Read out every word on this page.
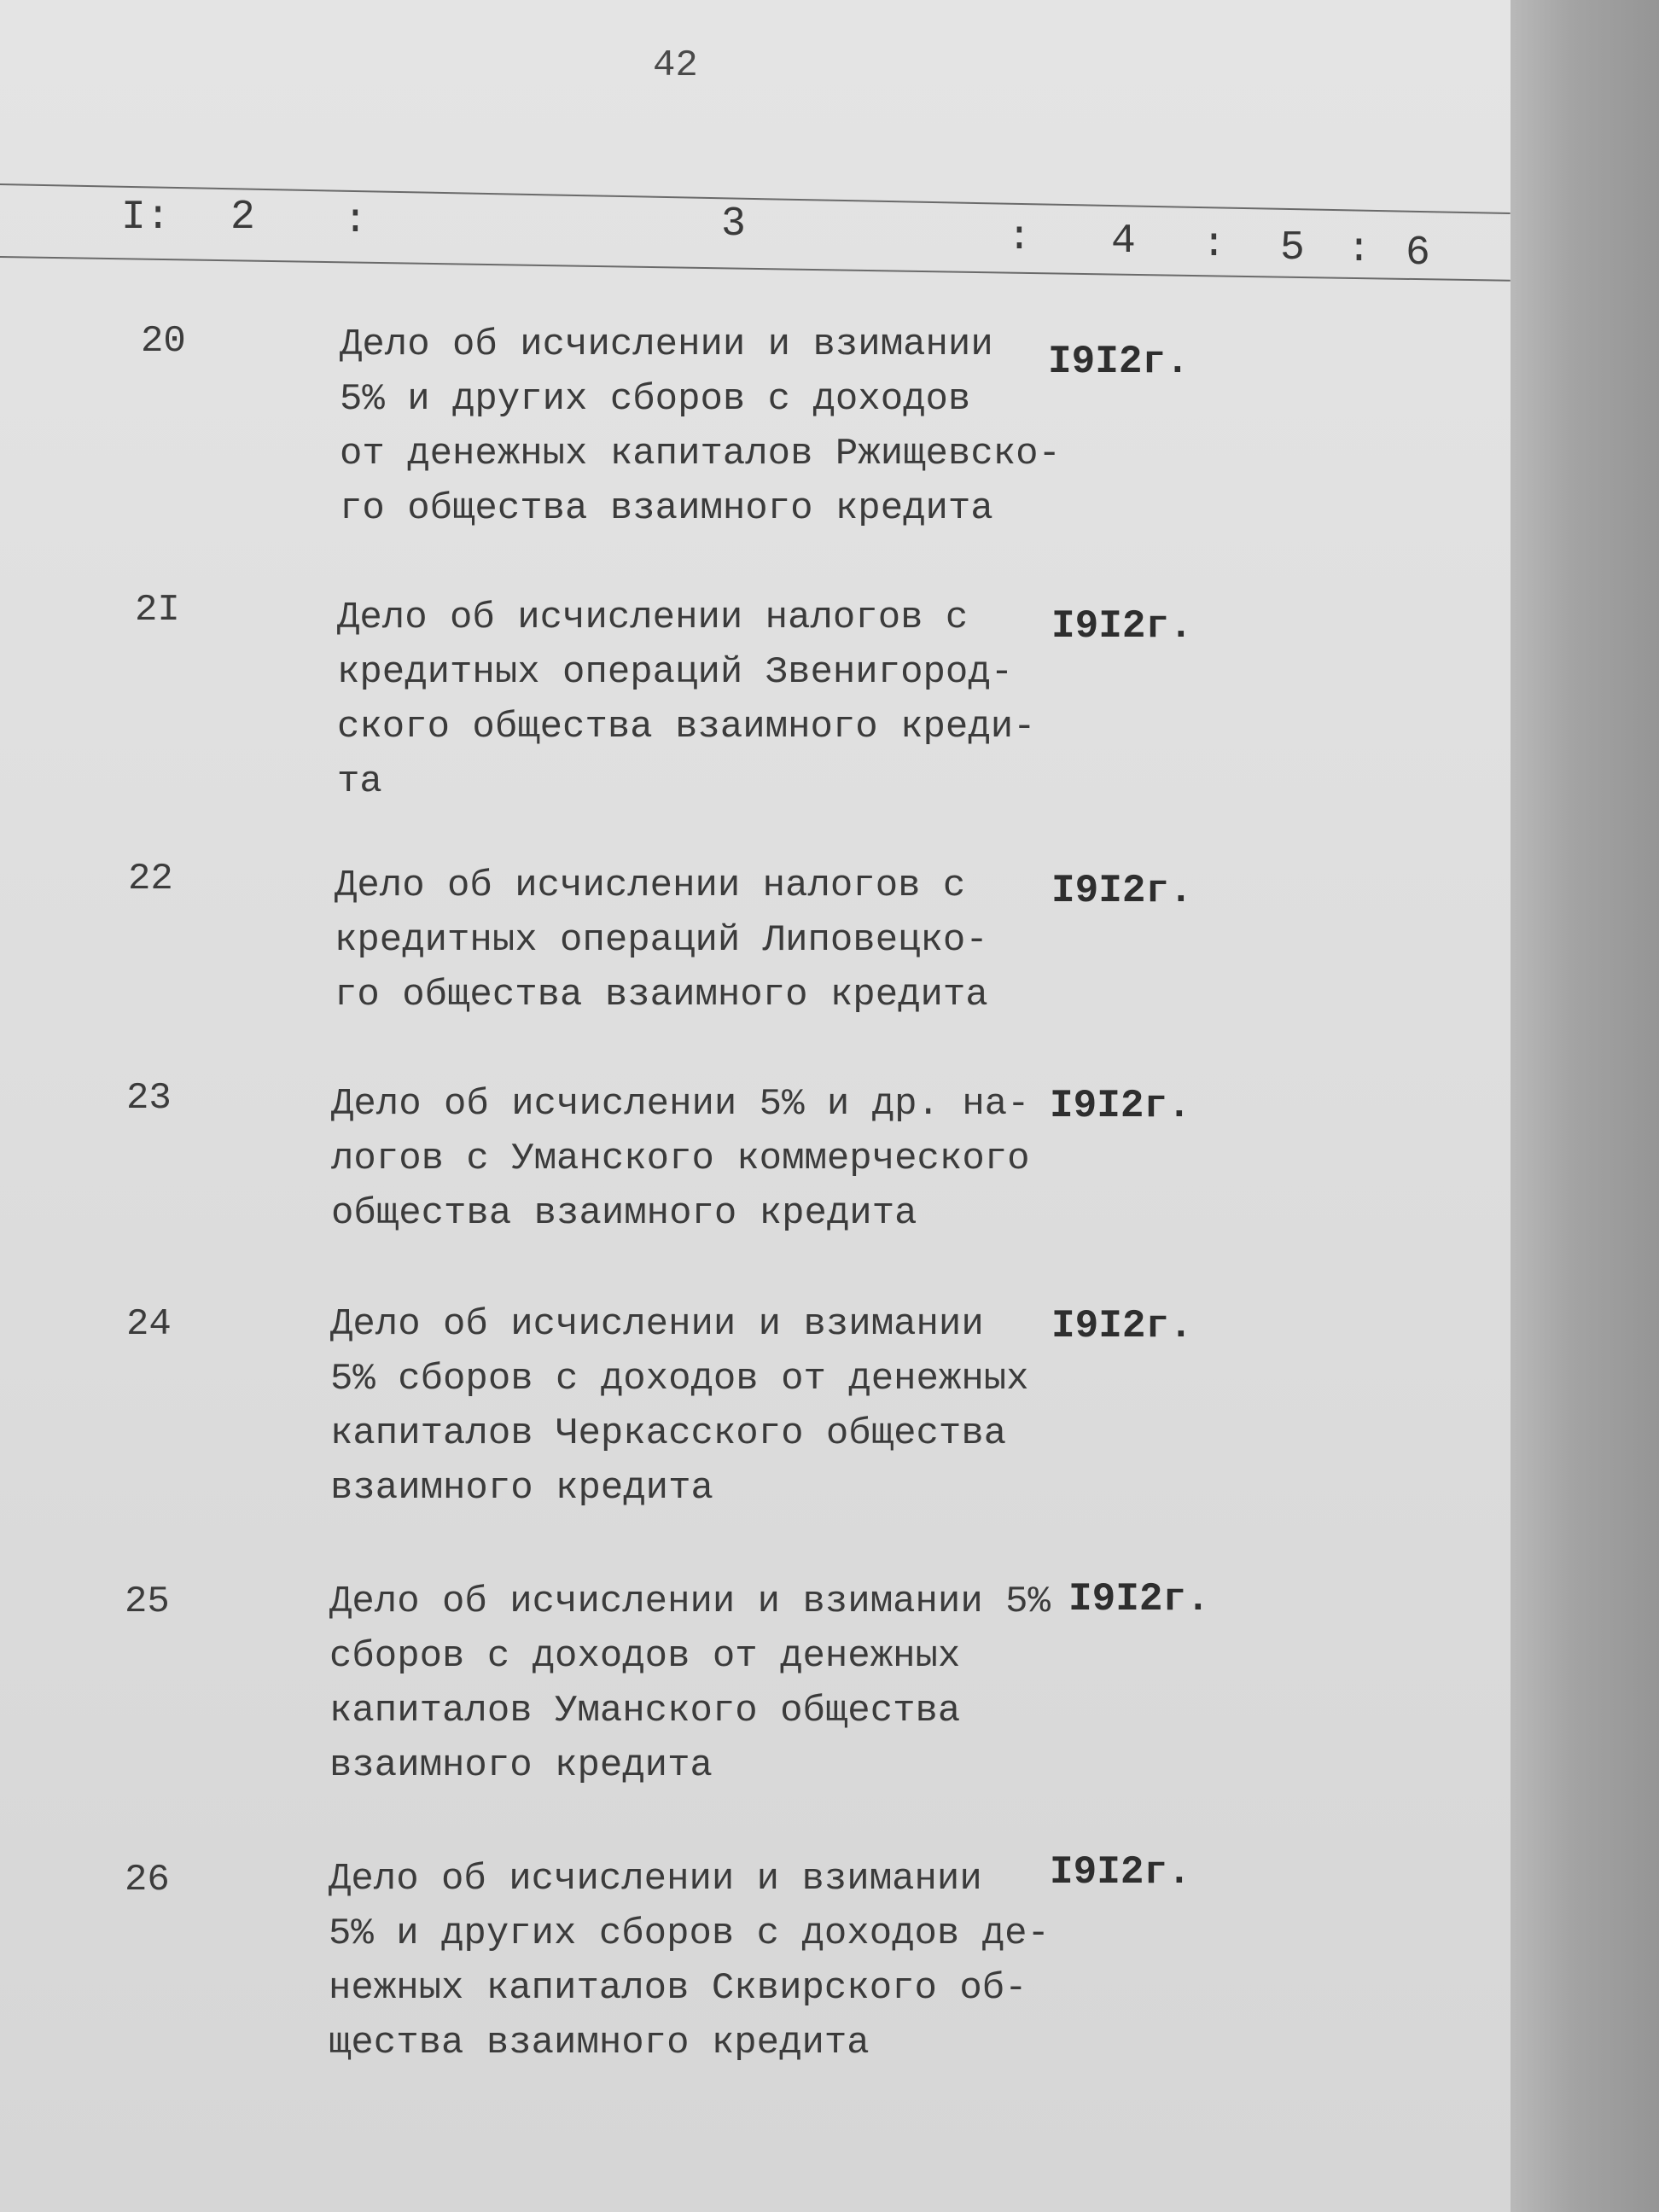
42
I: 2 :	3	: 4 : 5 : 6
20	Дело об исчислении и взимании
5% и других сборов с доходов
от денежных капиталов Ржищевско-
го общества взаимного кредита
I9I2г.
2I	Дело об исчислении налогов с
кредитных операций Звенигород-
ского общества взаимного креди-
та
I9I2г.
22	Дело об исчислении налогов с
кредитных операций Липовецко-
го общества взаимного кредита
I9I2г.
23	Дело об исчислении 5% и др. на-
логов с Уманского коммерческого
общества взаимного кредита
I9I2г.
24	Дело об исчислении и взимании
5% сборов с доходов от денежных
капиталов Черкасского общества
взаимного кредита
I9I2г.
25	Дело об исчислении и взимании 5%
сборов с доходов от денежных
капиталов Уманского общества
взаимного кредита
I9I2г.
26	Дело об исчислении и взимании
5% и других сборов с доходов де-
нежных капиталов Сквирского об-
щества взаимного кредита
I9I2г.
